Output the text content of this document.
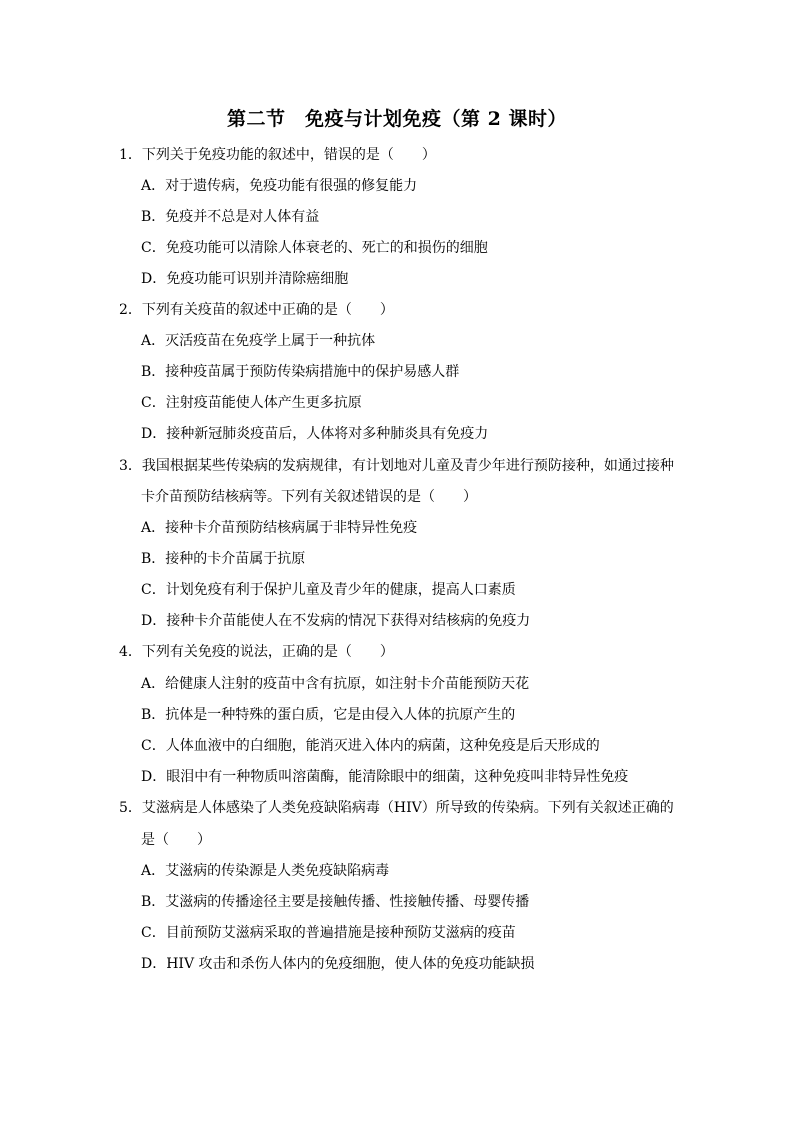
第二节　免疫与计划免疫（第 2 课时）
1．下列关于免疫功能的叙述中，错误的是（　　）
A．对于遗传病，免疫功能有很强的修复能力
B．免疫并不总是对人体有益
C．免疫功能可以清除人体衰老的、死亡的和损伤的细胞
D．免疫功能可识别并清除癌细胞
2．下列有关疫苗的叙述中正确的是（　　）
A．灭活疫苗在免疫学上属于一种抗体
B．接种疫苗属于预防传染病措施中的保护易感人群
C．注射疫苗能使人体产生更多抗原
D．接种新冠肺炎疫苗后，人体将对多种肺炎具有免疫力
3．我国根据某些传染病的发病规律，有计划地对儿童及青少年进行预防接种，如通过接种
卡介苗预防结核病等。下列有关叙述错误的是（　　）
A．接种卡介苗预防结核病属于非特异性免疫
B．接种的卡介苗属于抗原
C．计划免疫有利于保护儿童及青少年的健康，提高人口素质
D．接种卡介苗能使人在不发病的情况下获得对结核病的免疫力
4．下列有关免疫的说法，正确的是（　　）
A．给健康人注射的疫苗中含有抗原，如注射卡介苗能预防天花
B．抗体是一种特殊的蛋白质，它是由侵入人体的抗原产生的
C．人体血液中的白细胞，能消灭进入体内的病菌，这种免疫是后天形成的
D．眼泪中有一种物质叫溶菌酶，能清除眼中的细菌，这种免疫叫非特异性免疫
5．艾滋病是人体感染了人类免疫缺陷病毒（HIV）所导致的传染病。下列有关叙述正确的
是（　　）
A．艾滋病的传染源是人类免疫缺陷病毒
B．艾滋病的传播途径主要是接触传播、性接触传播、母婴传播
C．目前预防艾滋病采取的普遍措施是接种预防艾滋病的疫苗
D．HIV 攻击和杀伤人体内的免疫细胞，使人体的免疫功能缺损
